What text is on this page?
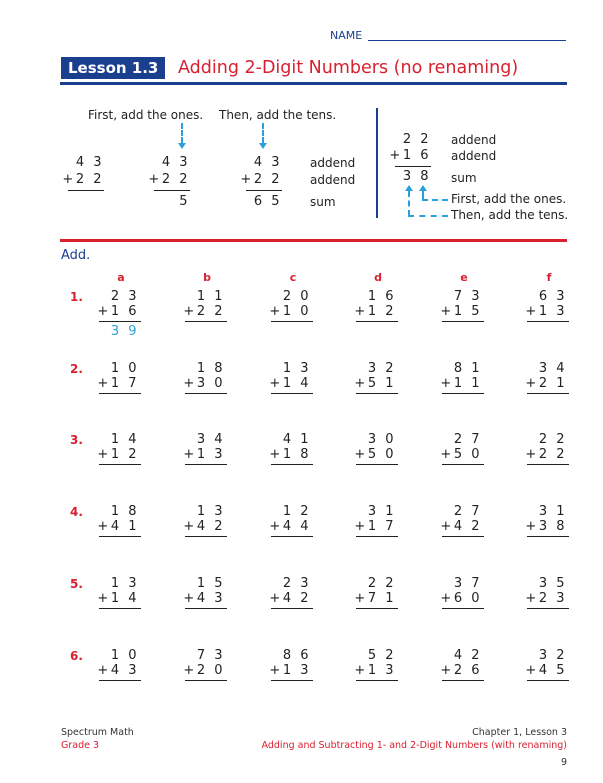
NAME
Lesson 1.3	Adding 2-Digit Numbers (no renaming)
First, add the ones. Then, add the tens.
4 3
+2 2
4 3
+2 2
5
4 3
+2 2
6 5
addend
addend
sum
2 2
+1 6
3 8
addend
addend
sum
First, add the ones.
Then, add the tens.
Add.
a	b	c	d	e	f
1.	2 3
+1 6
3 9
1 1
+2 2
2 0
+1 0
1 6
+1 2
7 3
+1 5
6 3
+1 3
2.	1 0
+1 7
1 8
+3 0
1 3
+1 4
3 2
+5 1
8 1
+1 1
3 4
+2 1
3.	1 4
+1 2
3 4
+1 3
4 1
+1 8
3 0
+5 0
2 7
+5 0
2 2
+2 2
4.	1 8
+4 1
1 3
+4 2
1 2
+4 4
3 1
+1 7
2 7
+4 2
3 1
+3 8
5.	1 3
+1 4
1 5
+4 3
2 3
+4 2
2 2
+7 1
3 7
+6 0
3 5
+2 3
6.	1 0
+4 3
7 3
+2 0
8 6
+1 3
5 2
+1 3
4 2
+2 6
3 2
+4 5
Spectrum Math
Grade 3
Chapter 1, Lesson 3
Adding and Subtracting 1- and 2-Digit Numbers (with renaming)
9
